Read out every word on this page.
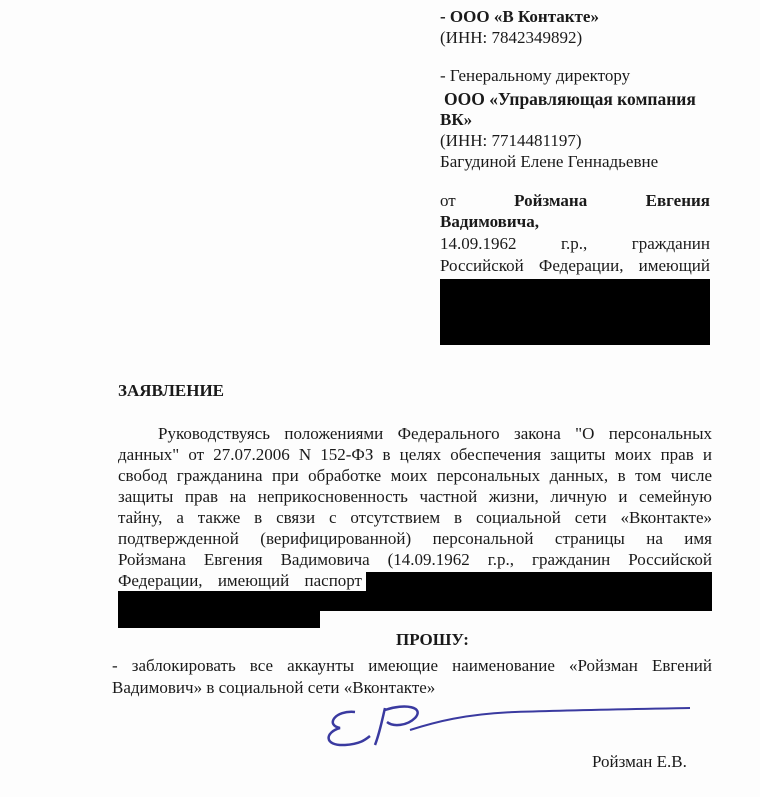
- ООО «В Контакте»
(ИНН: 7842349892)
- Генеральному директору
ООО «Управляющая компания
ВК»
(ИНН: 7714481197)
Багудиной Елене Геннадьевне
от	Ройзмана	Евгения
Вадимовича,
14.09.1962 г.р., гражданин
Российской Федерации, имеющий
ЗАЯВЛЕНИЕ
Руководствуясь положениями Федерального закона "О персональных
данных" от 27.07.2006 N 152-ФЗ в целях обеспечения защиты моих прав и
свобод гражданина при обработке моих персональных данных, в том числе
защиты прав на неприкосновенность частной жизни, личную и семейную
тайну, а также в связи с отсутствием в социальной сети «Вконтакте»
подтвержденной (верифицированной) персональной страницы на имя
Ройзмана Евгения Вадимовича (14.09.1962 г.р., гражданин Российской
Федерации, имеющий паспорт
ПРОШУ:
- заблокировать все аккаунты имеющие наименование «Ройзман Евгений
Вадимович» в социальной сети «Вконтакте»
Ройзман Е.В.
